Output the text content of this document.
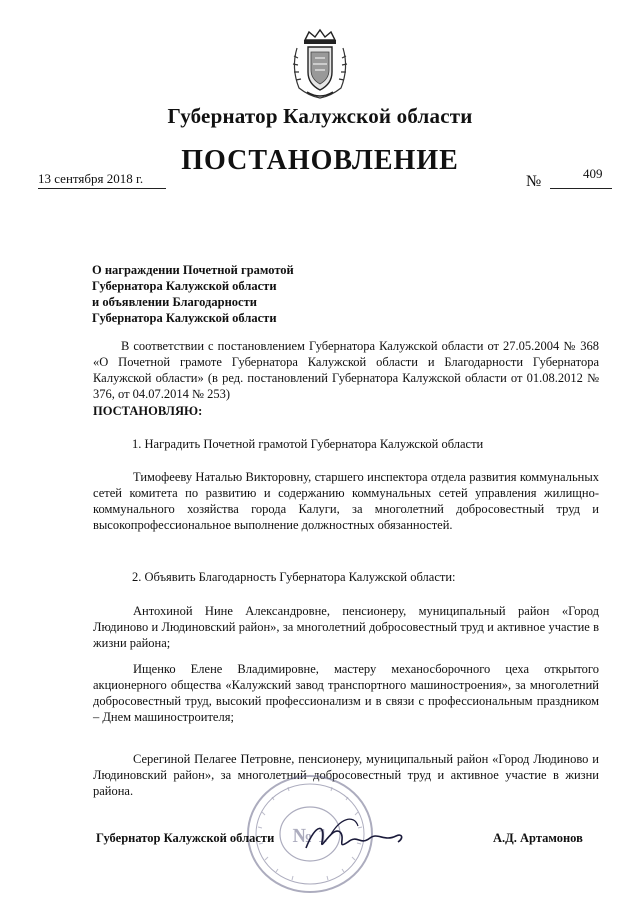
Губернатор Калужской области
ПОСТАНОВЛЕНИЕ
13 сентября 2018 г.	№	409
О награждении Почетной грамотой
Губернатора Калужской области
и объявлении Благодарности
Губернатора Калужской области
В соответствии с постановлением Губернатора Калужской области от 27.05.2004 № 368 «О Почетной грамоте Губернатора Калужской области и Благодарности Губернатора Калужской области» (в ред. постановлений Губернатора Калужской области от 01.08.2012 № 376, от 04.07.2014 № 253)
ПОСТАНОВЛЯЮ:
1. Наградить Почетной грамотой Губернатора Калужской области
Тимофееву Наталью Викторовну, старшего инспектора отдела развития коммунальных сетей комитета по развитию и содержанию коммунальных сетей управления жилищно-коммунального хозяйства города Калуги, за многолетний добросовестный труд и высокопрофессиональное выполнение должностных обязанностей.
2. Объявить Благодарность Губернатора Калужской области:
Антохиной Нине Александровне, пенсионеру, муниципальный район «Город Людиново и Людиновский район», за многолетний добросовестный труд и активное участие в жизни района;
Ищенко Елене Владимировне, мастеру механосборочного цеха открытого акционерного общества «Калужский завод транспортного машиностроения», за многолетний добросовестный труд, высокий профессионализм и в связи с профессиональным праздником – Днем машиностроителя;
Серегиной Пелагее Петровне, пенсионеру, муниципальный район «Город Людиново и Людиновский район», за многолетний добросовестный труд и активное участие в жизни района.
№ 1
Губернатор Калужской области	А.Д. Артамонов
